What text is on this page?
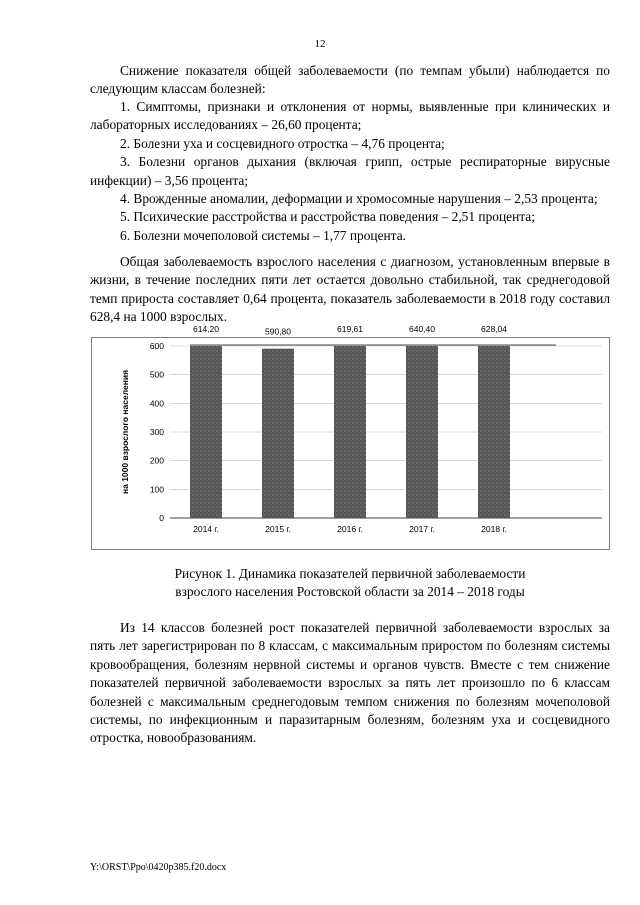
12
Снижение показателя общей заболеваемости (по темпам убыли) наблюдается по следующим классам болезней:
1. Симптомы, признаки и отклонения от нормы, выявленные при клинических и лабораторных исследованиях – 26,60 процента;
2. Болезни уха и сосцевидного отростка – 4,76 процента;
3. Болезни органов дыхания (включая грипп, острые респираторные вирусные инфекции) – 3,56 процента;
4. Врожденные аномалии, деформации и хромосомные нарушения – 2,53 процента;
5. Психические расстройства и расстройства поведения – 2,51 процента;
6. Болезни мочеполовой системы – 1,77 процента.
Общая заболеваемость взрослого населения с диагнозом, установленным впервые в жизни, в течение последних пяти лет остается довольно стабильной, так среднегодовой темп прироста составляет 0,64 процента, показатель заболеваемости в 2018 году составил 628,4 на 1000 взрослых.
0
100
200
300
400
500
600
на 1000 взрослого населения
614,20
2014 г.
590,80
2015 г.
619,61
2016 г.
640,40
2017 г.
628,04
2018 г.
Рисунок 1. Динамика показателей первичной заболеваемости
взрослого населения Ростовской области за 2014 – 2018 годы
Из 14 классов болезней рост показателей первичной заболеваемости взрослых за пять лет зарегистрирован по 8 классам, с максимальным приростом по болезням системы кровообращения, болезням нервной системы и органов чувств. Вместе с тем снижение показателей первичной заболеваемости взрослых за пять лет произошло по 6 классам болезней с максимальным среднегодовым темпом снижения по болезням мочеполовой системы, по инфекционным и паразитарным болезням, болезням уха и сосцевидного отростка, новообразованиям.
Y:\ORST\Ppo\0420p385.f20.docx
